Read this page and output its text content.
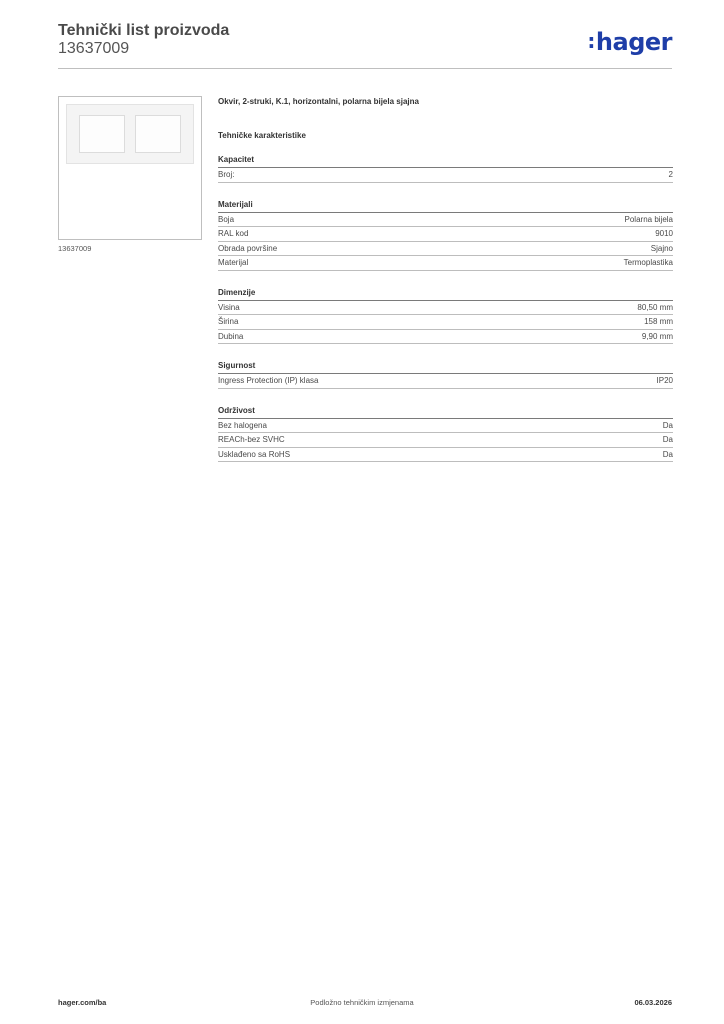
Tehnički list proizvoda
13637009	:hager
13637009
Okvir, 2-struki, K.1, horizontalni, polarna bijela sjajna
Tehničke karakteristike
Kapacitet
Broj:	2
Materijali
Boja	Polarna bijela
RAL kod	9010
Obrada površine	Sjajno
Materijal	Termoplastika
Dimenzije
Visina	80,50 mm
Širina	158 mm
Dubina	9,90 mm
Sigurnost
Ingress Protection (IP) klasa	IP20
Održivost
Bez halogena	Da
REACh-bez SVHC	Da
Usklađeno sa RoHS	Da
hager.com/ba	Podložno tehničkim izmjenama	06.03.2026
